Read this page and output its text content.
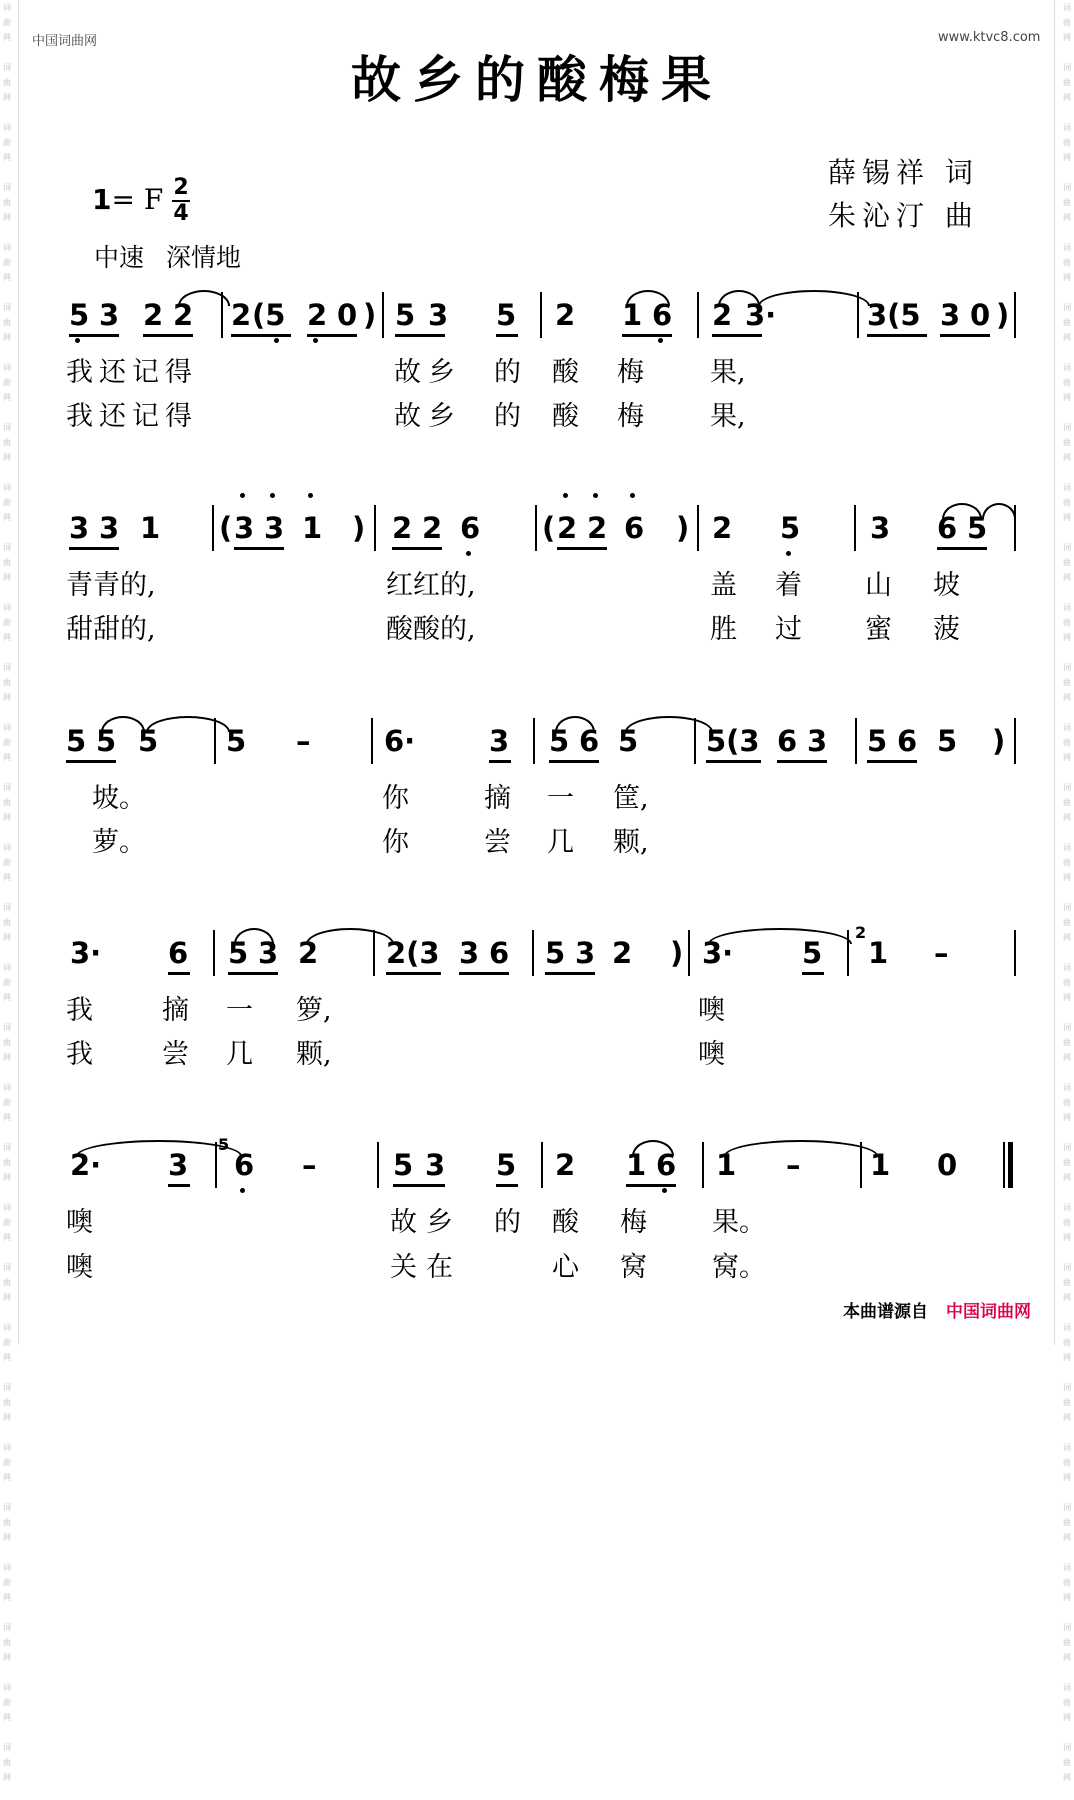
词
曲
网

词
曲
网

词
曲
网

词
曲
网

词
曲
网

词
曲
网

词
曲
网

词
曲
网

词
曲
网

词
曲
网

词
曲
网

词
曲
网

词
曲
网

词
曲
网

词
曲
网

词
曲
网

词
曲
网

词
曲
网

词
曲
网

词
曲
网

词
曲
网

词
曲
网

词
曲
网

词
曲
网

词
曲
网

词
曲
网

词
曲
网

词
曲
网

词
曲
网

词
曲
网

词
曲
网

词
曲
网

词
曲
网

词
曲
网

词
曲
网

词
曲
网

词
曲
网

词
曲
网

词
曲
网

词
曲
网

词
曲
网

词
曲
网

词
曲
网

词
曲
网

词
曲
网

词
曲
网

词
曲
网

词
曲
网

词
曲
网

词
曲
网

词
曲
网

词
曲
网

词
曲
网

词
曲
网

词
曲
网

词
曲
网

词
曲
网

词
曲
网

词
曲
网

词
曲
网

中国词曲网	www.ktvc8.com
故乡的酸梅果
薛锡祥 词
朱沁汀 曲
1= F 2
4
中速 深情地
5 3 2 2 2 (5 2 0 ) 5 3 5 2 1 6 2 3·	3(5 3 0 )
我还记得	故 乡 的 酸 梅 果,
我还记得	故 乡 的 酸 梅 果,
3 3 1 ( 3 3 1 ) 2 2 6 ( 2 2 6 ) 2 5 3 6 5
青青的,	红红的,	盖 着 山 坡
甜甜的,	酸酸的,	胜 过 蜜 菠
5 5 5 5 –	6·	3 5 6 5 5(3 6 3 5 6 5 )
坡。	你	摘 一 筐,
萝。	你	尝 几 颗,
3· 6 5 3 2 2(3 3 6 5 3 2 ) 3· 5
2
1 –
我	摘 一 箩,	噢
我	尝 几 颗,	噢
2· 3
5
6 –	5 3 5 2 1 6 1 – 1 0
噢	故 乡 的 酸 梅 果。
噢	关 在	心 窝 窝。
本曲谱源自 中国词曲网
